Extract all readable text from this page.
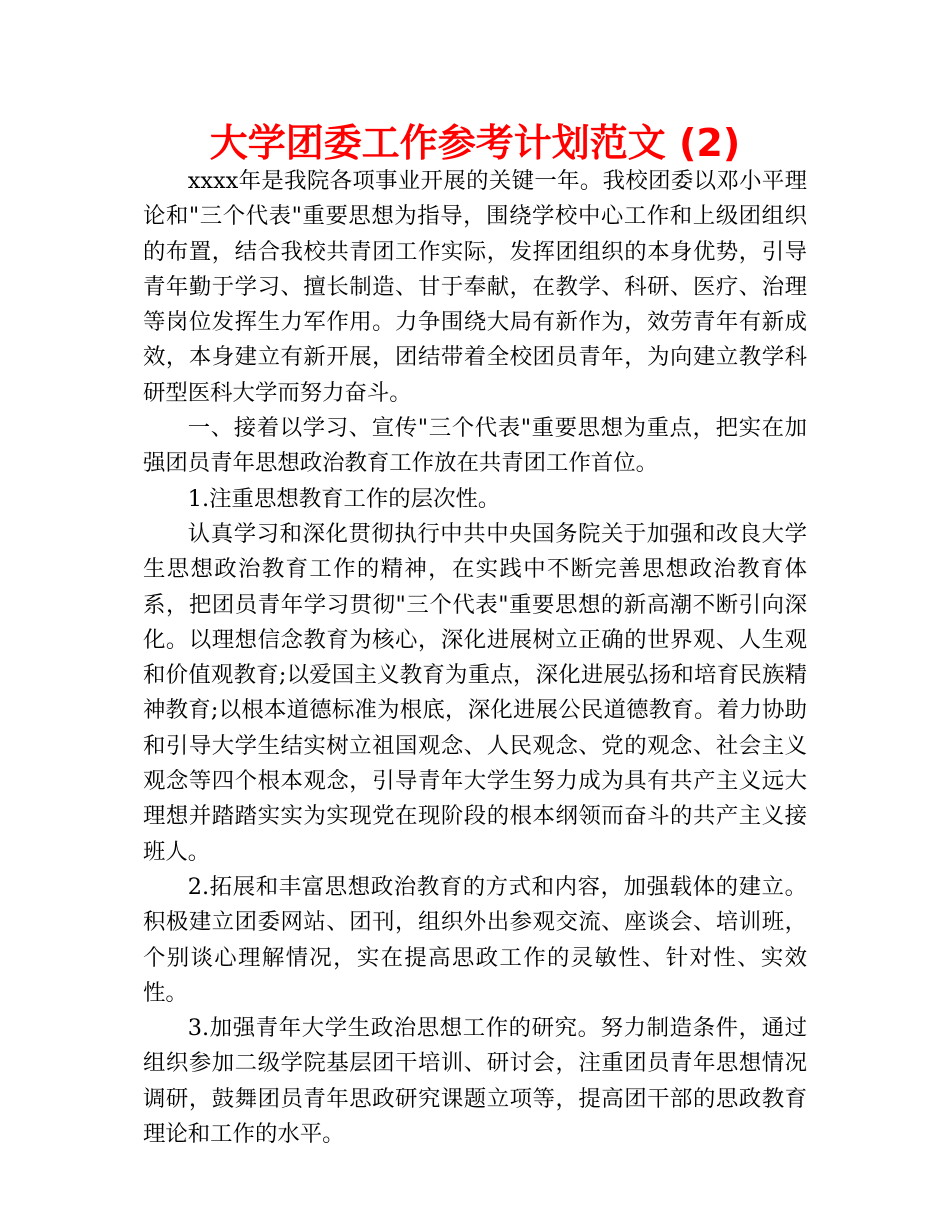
大学团委工作参考计划范文 (2)

xxxx年是我院各项事业开展的关键一年。我校团委以邓小平理论和"三个代表"重要思想为指导，围绕学校中心工作和上级团组织的布置，结合我校共青团工作实际，发挥团组织的本身优势，引导青年勤于学习、擅长制造、甘于奉献，在教学、科研、医疗、治理等岗位发挥生力军作用。力争围绕大局有新作为，效劳青年有新成效，本身建立有新开展，团结带着全校团员青年，为向建立教学科研型医科大学而努力奋斗。

一、接着以学习、宣传"三个代表"重要思想为重点，把实在加强团员青年思想政治教育工作放在共青团工作首位。

1.注重思想教育工作的层次性。

认真学习和深化贯彻执行中共中央国务院关于加强和改良大学生思想政治教育工作的精神，在实践中不断完善思想政治教育体系，把团员青年学习贯彻"三个代表"重要思想的新高潮不断引向深化。以理想信念教育为核心，深化进展树立正确的世界观、人生观和价值观教育;以爱国主义教育为重点，深化进展弘扬和培育民族精神教育;以根本道德标准为根底，深化进展公民道德教育。着力协助和引导大学生结实树立祖国观念、人民观念、党的观念、社会主义观念等四个根本观念，引导青年大学生努力成为具有共产主义远大理想并踏踏实实为实现党在现阶段的根本纲领而奋斗的共产主义接班人。

2.拓展和丰富思想政治教育的方式和内容，加强载体的建立。积极建立团委网站、团刊，组织外出参观交流、座谈会、培训班，个别谈心理解情况，实在提高思政工作的灵敏性、针对性、实效性。

3.加强青年大学生政治思想工作的研究。努力制造条件，通过组织参加二级学院基层团干培训、研讨会，注重团员青年思想情况调研，鼓舞团员青年思政研究课题立项等，提高团干部的思政教育理论和工作的水平。
